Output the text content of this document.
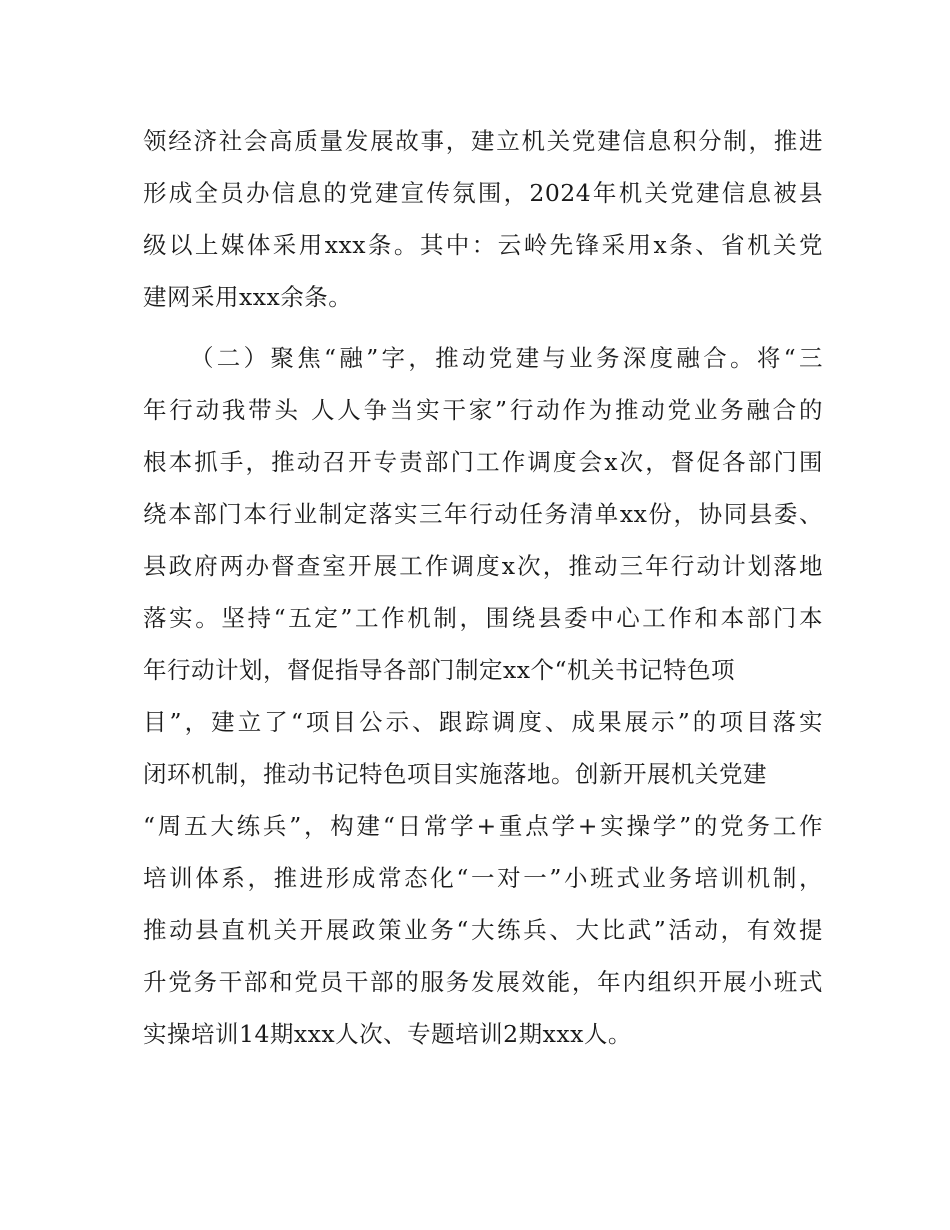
领经济社会高质量发展故事，建立机关党建信息积分制，推进
形成全员办信息的党建宣传氛围，2024年机关党建信息被县
级以上媒体采用xxx条。其中：云岭先锋采用x条、省机关党
建网采用xxx余条。
（二）聚焦“融”字，推动党建与业务深度融合。将“三
年行动我带头 人人争当实干家”行动作为推动党业务融合的
根本抓手，推动召开专责部门工作调度会x次，督促各部门围
绕本部门本行业制定落实三年行动任务清单xx份，协同县委、
县政府两办督查室开展工作调度x次，推动三年行动计划落地
落实。坚持“五定”工作机制，围绕县委中心工作和本部门本
年行动计划，督促指导各部门制定xx个“机关书记特色项
目”，建立了“项目公示、跟踪调度、成果展示”的项目落实
闭环机制，推动书记特色项目实施落地。创新开展机关党建
“周五大练兵”，构建“日常学+重点学+实操学”的党务工作
培训体系，推进形成常态化“一对一”小班式业务培训机制，
推动县直机关开展政策业务“大练兵、大比武”活动，有效提
升党务干部和党员干部的服务发展效能，年内组织开展小班式
实操培训14期xxx人次、专题培训2期xxx人。
